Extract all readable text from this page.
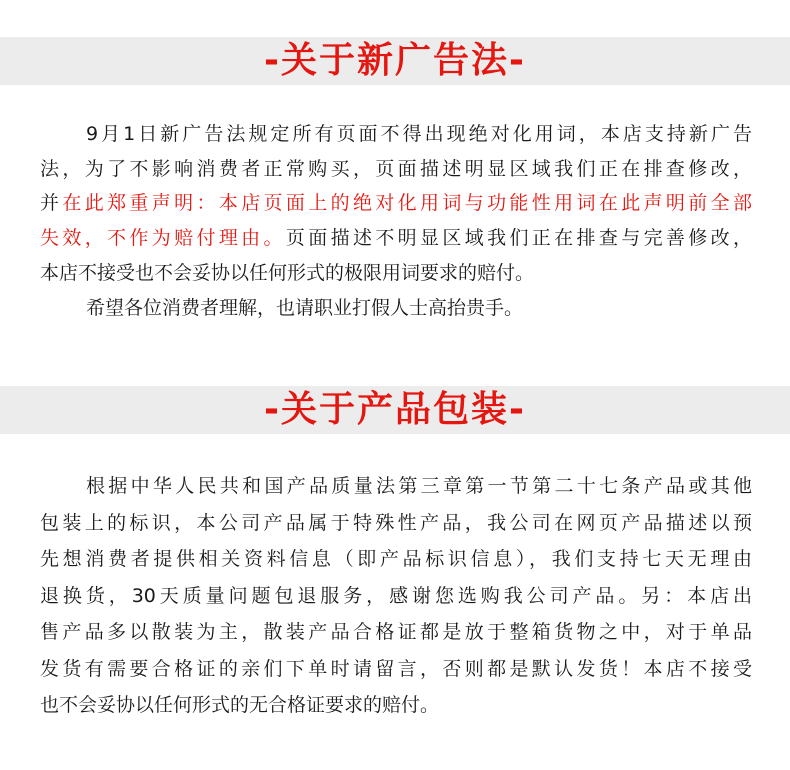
-关于新广告法-
9月1日新广告法规定所有页面不得出现绝对化用词，本店支持新广告
法，为了不影响消费者正常购买，页面描述明显区域我们正在排查修改，
并在此郑重声明：本店页面上的绝对化用词与功能性用词在此声明前全部
失效，不作为赔付理由。页面描述不明显区域我们正在排查与完善修改，
本店不接受也不会妥协以任何形式的极限用词要求的赔付。
希望各位消费者理解，也请职业打假人士高抬贵手。
-关于产品包装-
根据中华人民共和国产品质量法第三章第一节第二十七条产品或其他
包装上的标识，本公司产品属于特殊性产品，我公司在网页产品描述以预
先想消费者提供相关资料信息（即产品标识信息），我们支持七天无理由
退换货，30天质量问题包退服务，感谢您选购我公司产品。另：本店出
售产品多以散装为主，散装产品合格证都是放于整箱货物之中，对于单品
发货有需要合格证的亲们下单时请留言，否则都是默认发货！本店不接受
也不会妥协以任何形式的无合格证要求的赔付。
